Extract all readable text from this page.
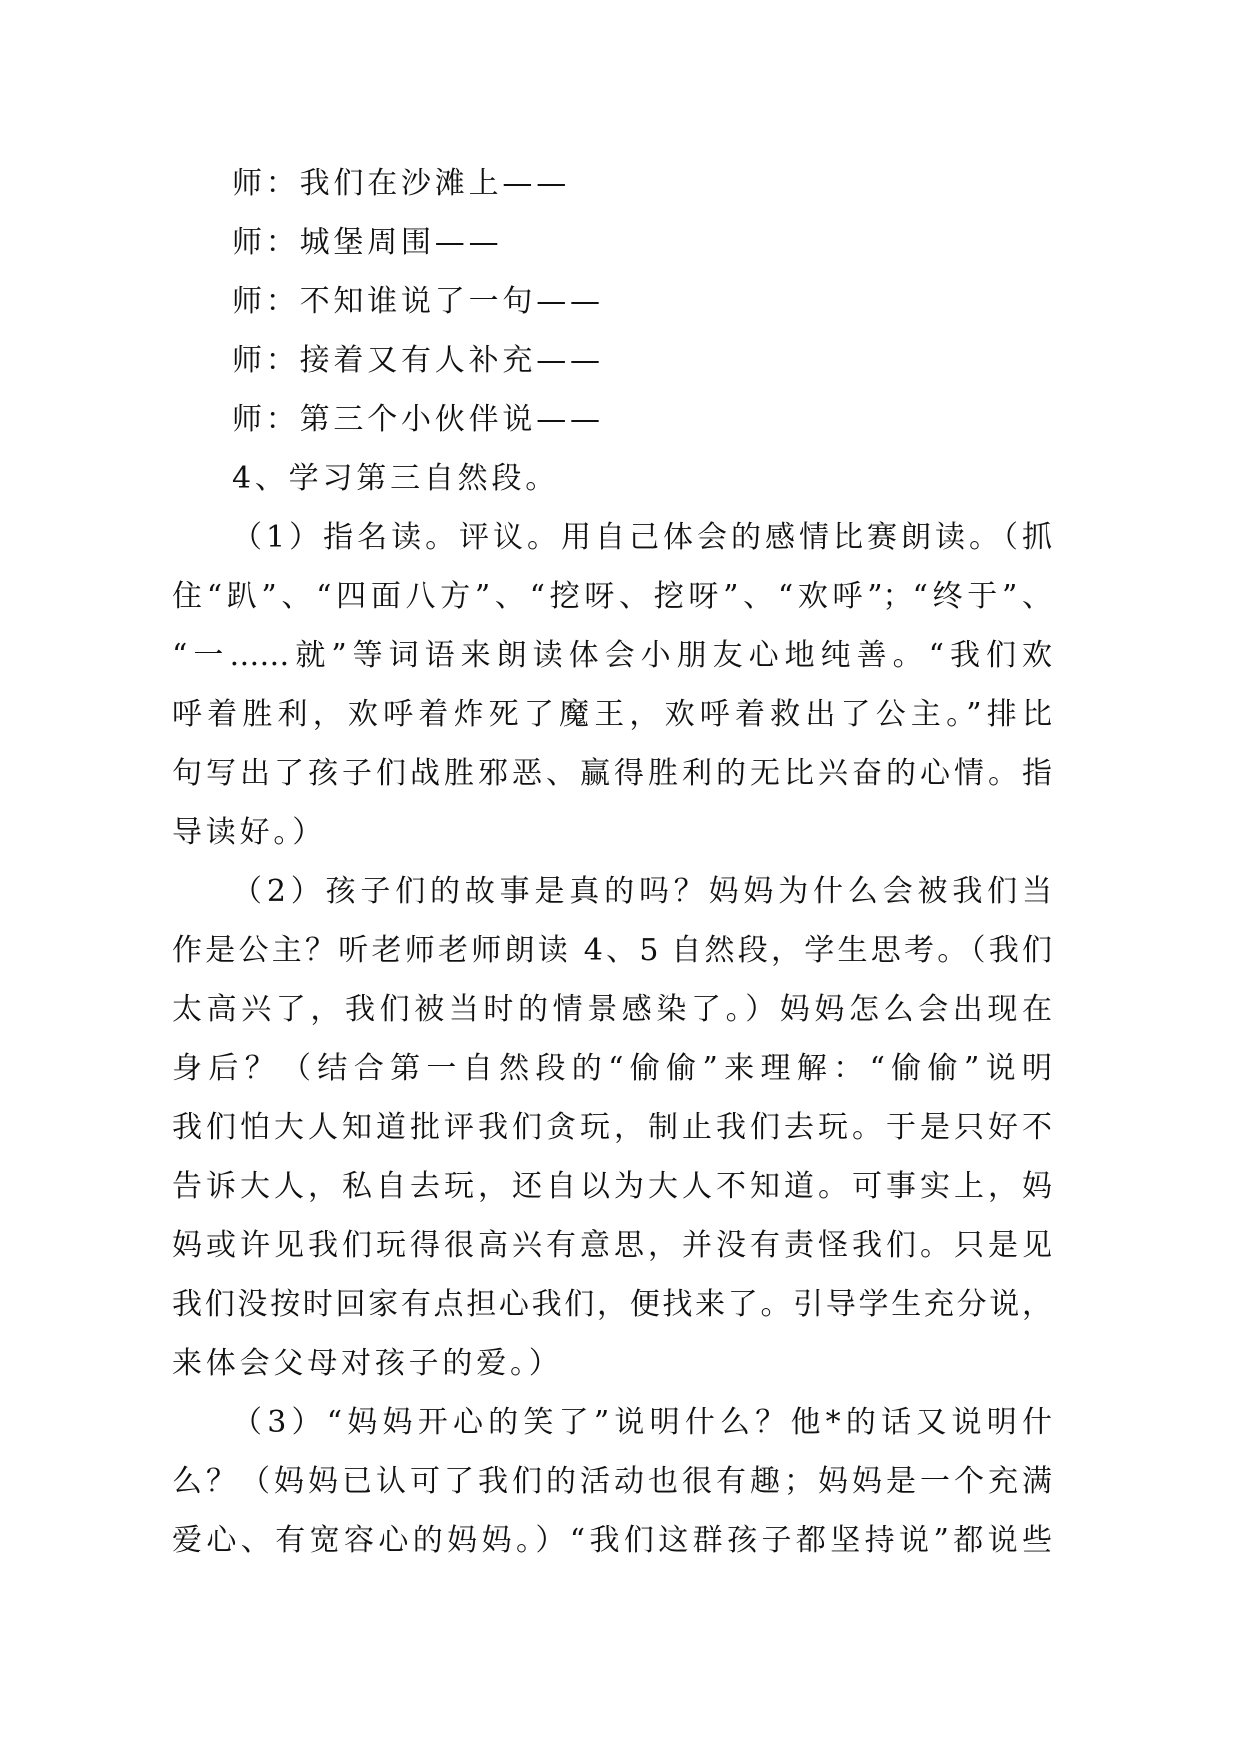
师：我们在沙滩上——
师：城堡周围——
师：不知谁说了一句——
师：接着又有人补充——
师：第三个小伙伴说——
4、学习第三自然段。
（1）指名读。评议。用自己体会的感情比赛朗读。（抓
住“趴”、“四面八方”、“挖呀、挖呀”、“欢呼”；“终于”、
“一……就”等词语来朗读体会小朋友心地纯善。“我们欢
呼着胜利，欢呼着炸死了魔王，欢呼着救出了公主。”排比
句写出了孩子们战胜邪恶、赢得胜利的无比兴奋的心情。指
导读好。）
（2）孩子们的故事是真的吗？妈妈为什么会被我们当
作是公主？听老师老师朗读 4、5 自然段，学生思考。（我们
太高兴了，我们被当时的情景感染了。）妈妈怎么会出现在
身后？（结合第一自然段的“偷偷”来理解：“偷偷”说明
我们怕大人知道批评我们贪玩，制止我们去玩。于是只好不
告诉大人，私自去玩，还自以为大人不知道。可事实上，妈
妈或许见我们玩得很高兴有意思，并没有责怪我们。只是见
我们没按时回家有点担心我们，便找来了。引导学生充分说，
来体会父母对孩子的爱。）
（3）“妈妈开心的笑了”说明什么？他*的话又说明什
么？（妈妈已认可了我们的活动也很有趣；妈妈是一个充满
爱心、有宽容心的妈妈。）“我们这群孩子都坚持说”都说些
